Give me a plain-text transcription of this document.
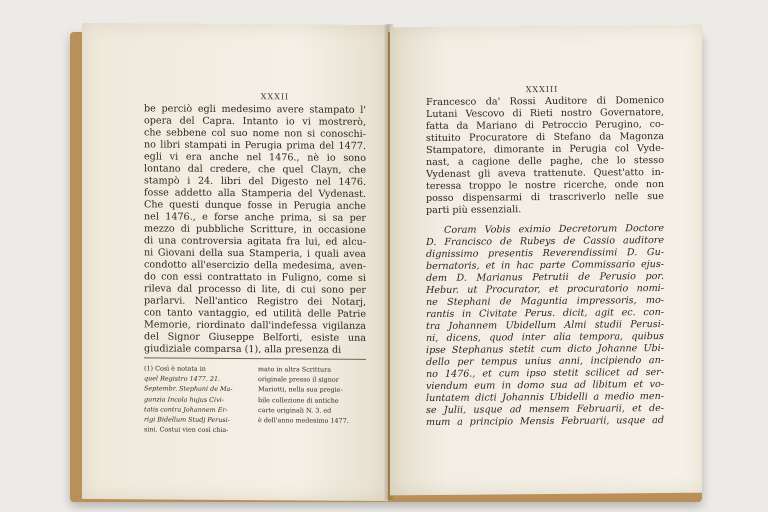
XXXII
be perciò egli medesimo avere stampato l'
opera del Capra. Intanto io vi mostrerò,
che sebbene col suo nome non si conoschi-
no libri stampati in Perugia prima del 1477.
egli vi era anche nel 1476., nè io sono
lontano dal credere, che quel Clayn, che
stampò i 24. libri del Digesto nel 1476.
fosse addetto alla Stamperia del Vydenast.
Che questi dunque fosse in Perugia anche
nel 1476., e forse anche prima, si sa per
mezzo di pubbliche Scritture, in occasione
di una controversia agitata fra lui, ed alcu-
ni Giovani della sua Stamperia, i quali avea
condotto all'esercizio della medesima, aven-
do con essi contrattato in Fuligno, come si
rileva dal processo di lite, di cui sono per
parlarvi. Nell'antico Registro dei Notarj,
con tanto vantaggio, ed utilità delle Patrie
Memorie, riordinato dall'indefessa vigilanza
del Signor Giuseppe Belforti, esiste una
giudiziale comparsa (1), alla presenza di
(1) Così è notata in
quel Registro 1477. 21.
Septembr. Stephani de Ma-
gunzia Incola hujus Civi-
tatis contra Johannem Er-
rigi Bidellum Studj Perusi-
sini. Costui vien così chia-
mato in altra Scrittura
originale presso il signor
Mariotti, nella sua pregie-
bile collezione di antiche
carte originali N. 3. ed
è dell'anno medesimo 1477.
XXXIII
Francesco da' Rossi Auditore di Domenico
Lutani Vescovo di Rieti nostro Governatore,
fatta da Mariano di Petroccio Perugino, co-
stituito Procuratore di Stefano da Magonza
Stampatore, dimorante in Perugia col Vyde-
nast, a cagione delle paghe, che lo stesso
Vydenast gli aveva trattenute. Quest'atto in-
teressa troppo le nostre ricerche, onde non
posso dispensarmi di trascriverlo nelle sue
parti più essenziali.
Coram Vobis eximio Decretorum Doctore
D. Francisco de Rubeys de Cassio auditore
dignissimo presentis Reverendissimi D. Gu-
bernatoris, et in hac parte Commissario ejus-
dem D. Marianus Petrutii de Perusio por.
Hebur. ut Procurator, et procuratorio nomi-
ne Stephani de Maguntia impressoris, mo-
rantis in Civitate Perus. dicit, agit ec. con-
tra Johannem Ubidellum Almi studii Perusi-
ni, dicens, quod inter alia tempora, quibus
ipse Stephanus stetit cum dicto Johanne Ubi-
dello per tempus unius anni, incipiendo an-
no 1476., et cum ipso stetit scilicet ad ser-
viendum eum in domo sua ad libitum et vo-
luntatem dicti Johannis Ubidelli a medio men-
se Julii, usque ad mensem Februarii, et de-
mum a principio Mensis Februarii, usque ad
